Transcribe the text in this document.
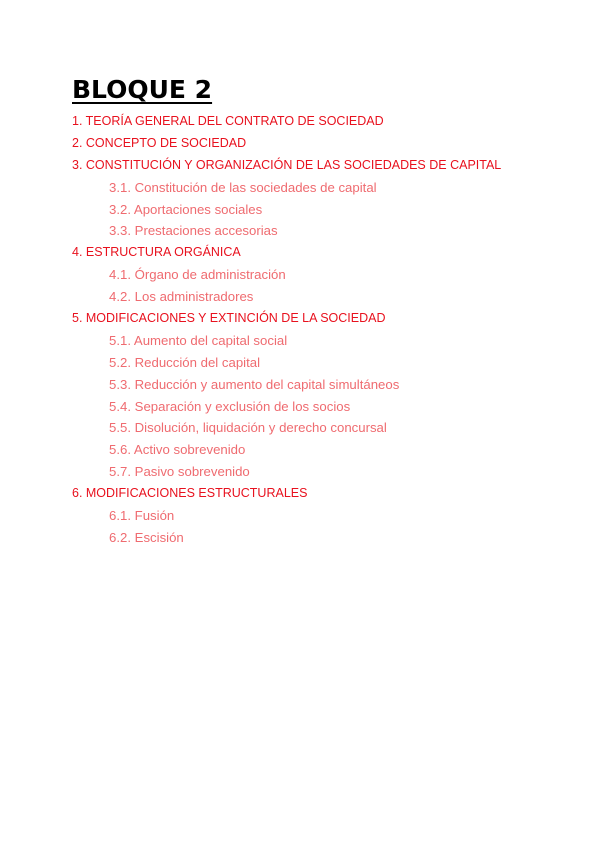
BLOQUE 2
1. TEORÍA GENERAL DEL CONTRATO DE SOCIEDAD
2. CONCEPTO DE SOCIEDAD
3. CONSTITUCIÓN Y ORGANIZACIÓN DE LAS SOCIEDADES DE CAPITAL
3.1. Constitución de las sociedades de capital
3.2. Aportaciones sociales
3.3. Prestaciones accesorias
4. ESTRUCTURA ORGÁNICA
4.1. Órgano de administración
4.2. Los administradores
5. MODIFICACIONES Y EXTINCIÓN DE LA SOCIEDAD
5.1. Aumento del capital social
5.2. Reducción del capital
5.3. Reducción y aumento del capital simultáneos
5.4. Separación y exclusión de los socios
5.5. Disolución, liquidación y derecho concursal
5.6. Activo sobrevenido
5.7. Pasivo sobrevenido
6. MODIFICACIONES ESTRUCTURALES
6.1. Fusión
6.2. Escisión
